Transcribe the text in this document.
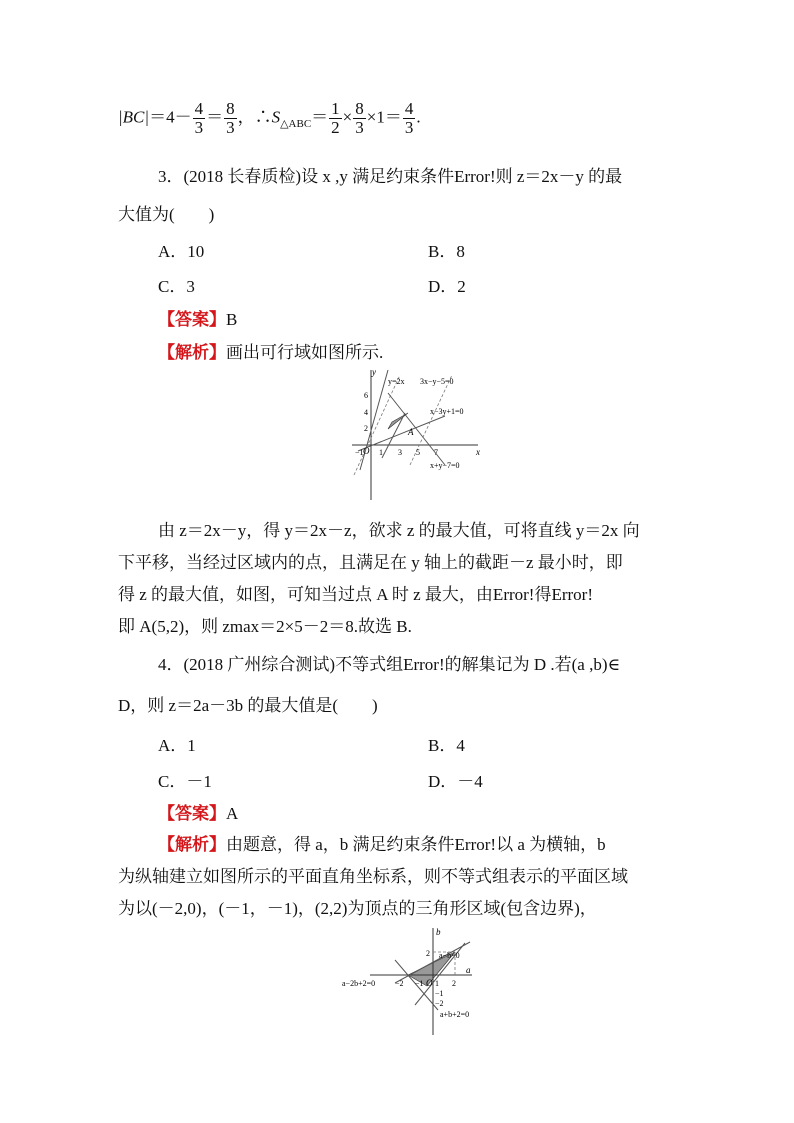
$|BC|=4- \frac{4}{3} = \frac{8}{3}$ ，$\therefore S_{\triangle ABC}= \frac{1}{2} \times \frac{8}{3} \times 1= \frac{4}{3}$ .
3．(2018 长春质检)设 x ,y 满足约束条件Error!则 z＝2x－y 的最
大值为(　　)
A．10	B．8
C．3	D．2
【答案】B
【解析】画出可行域如图所示.
y
x
O
A
y=2x 3x−y−5=0
x−3y+1=0
x+y−7=0
6
4
2
−1 1 3 5 7
由 z＝2x－y，得 y＝2x－z，欲求 z 的最大值，可将直线 y＝2x 向
下平移，当经过区域内的点，且满足在 y 轴上的截距－z 最小时，即
得 z 的最大值，如图，可知当过点 A 时 z 最大，由Error!得Error!
即 A(5,2)，则 zmax＝2×5－2＝8.故选 B.
4．(2018 广州综合测试)不等式组Error!的解集记为 D .若(a ,b)∈
D，则 z＝2a－3b 的最大值是(　　)
A．1	B．4
C．－1	D．－4
【答案】A
【解析】由题意，得 a，b 满足约束条件Error!以 a 为横轴，b
为纵轴建立如图所示的平面直角坐标系，则不等式组表示的平面区域
为以(－2,0)，(－1，－1)，(2,2)为顶点的三角形区域(包含边界)，
b
a
O
a−b=0
a−2b+2=0
a+b+2=0
2
−2 −1 1 2
−1
−2
